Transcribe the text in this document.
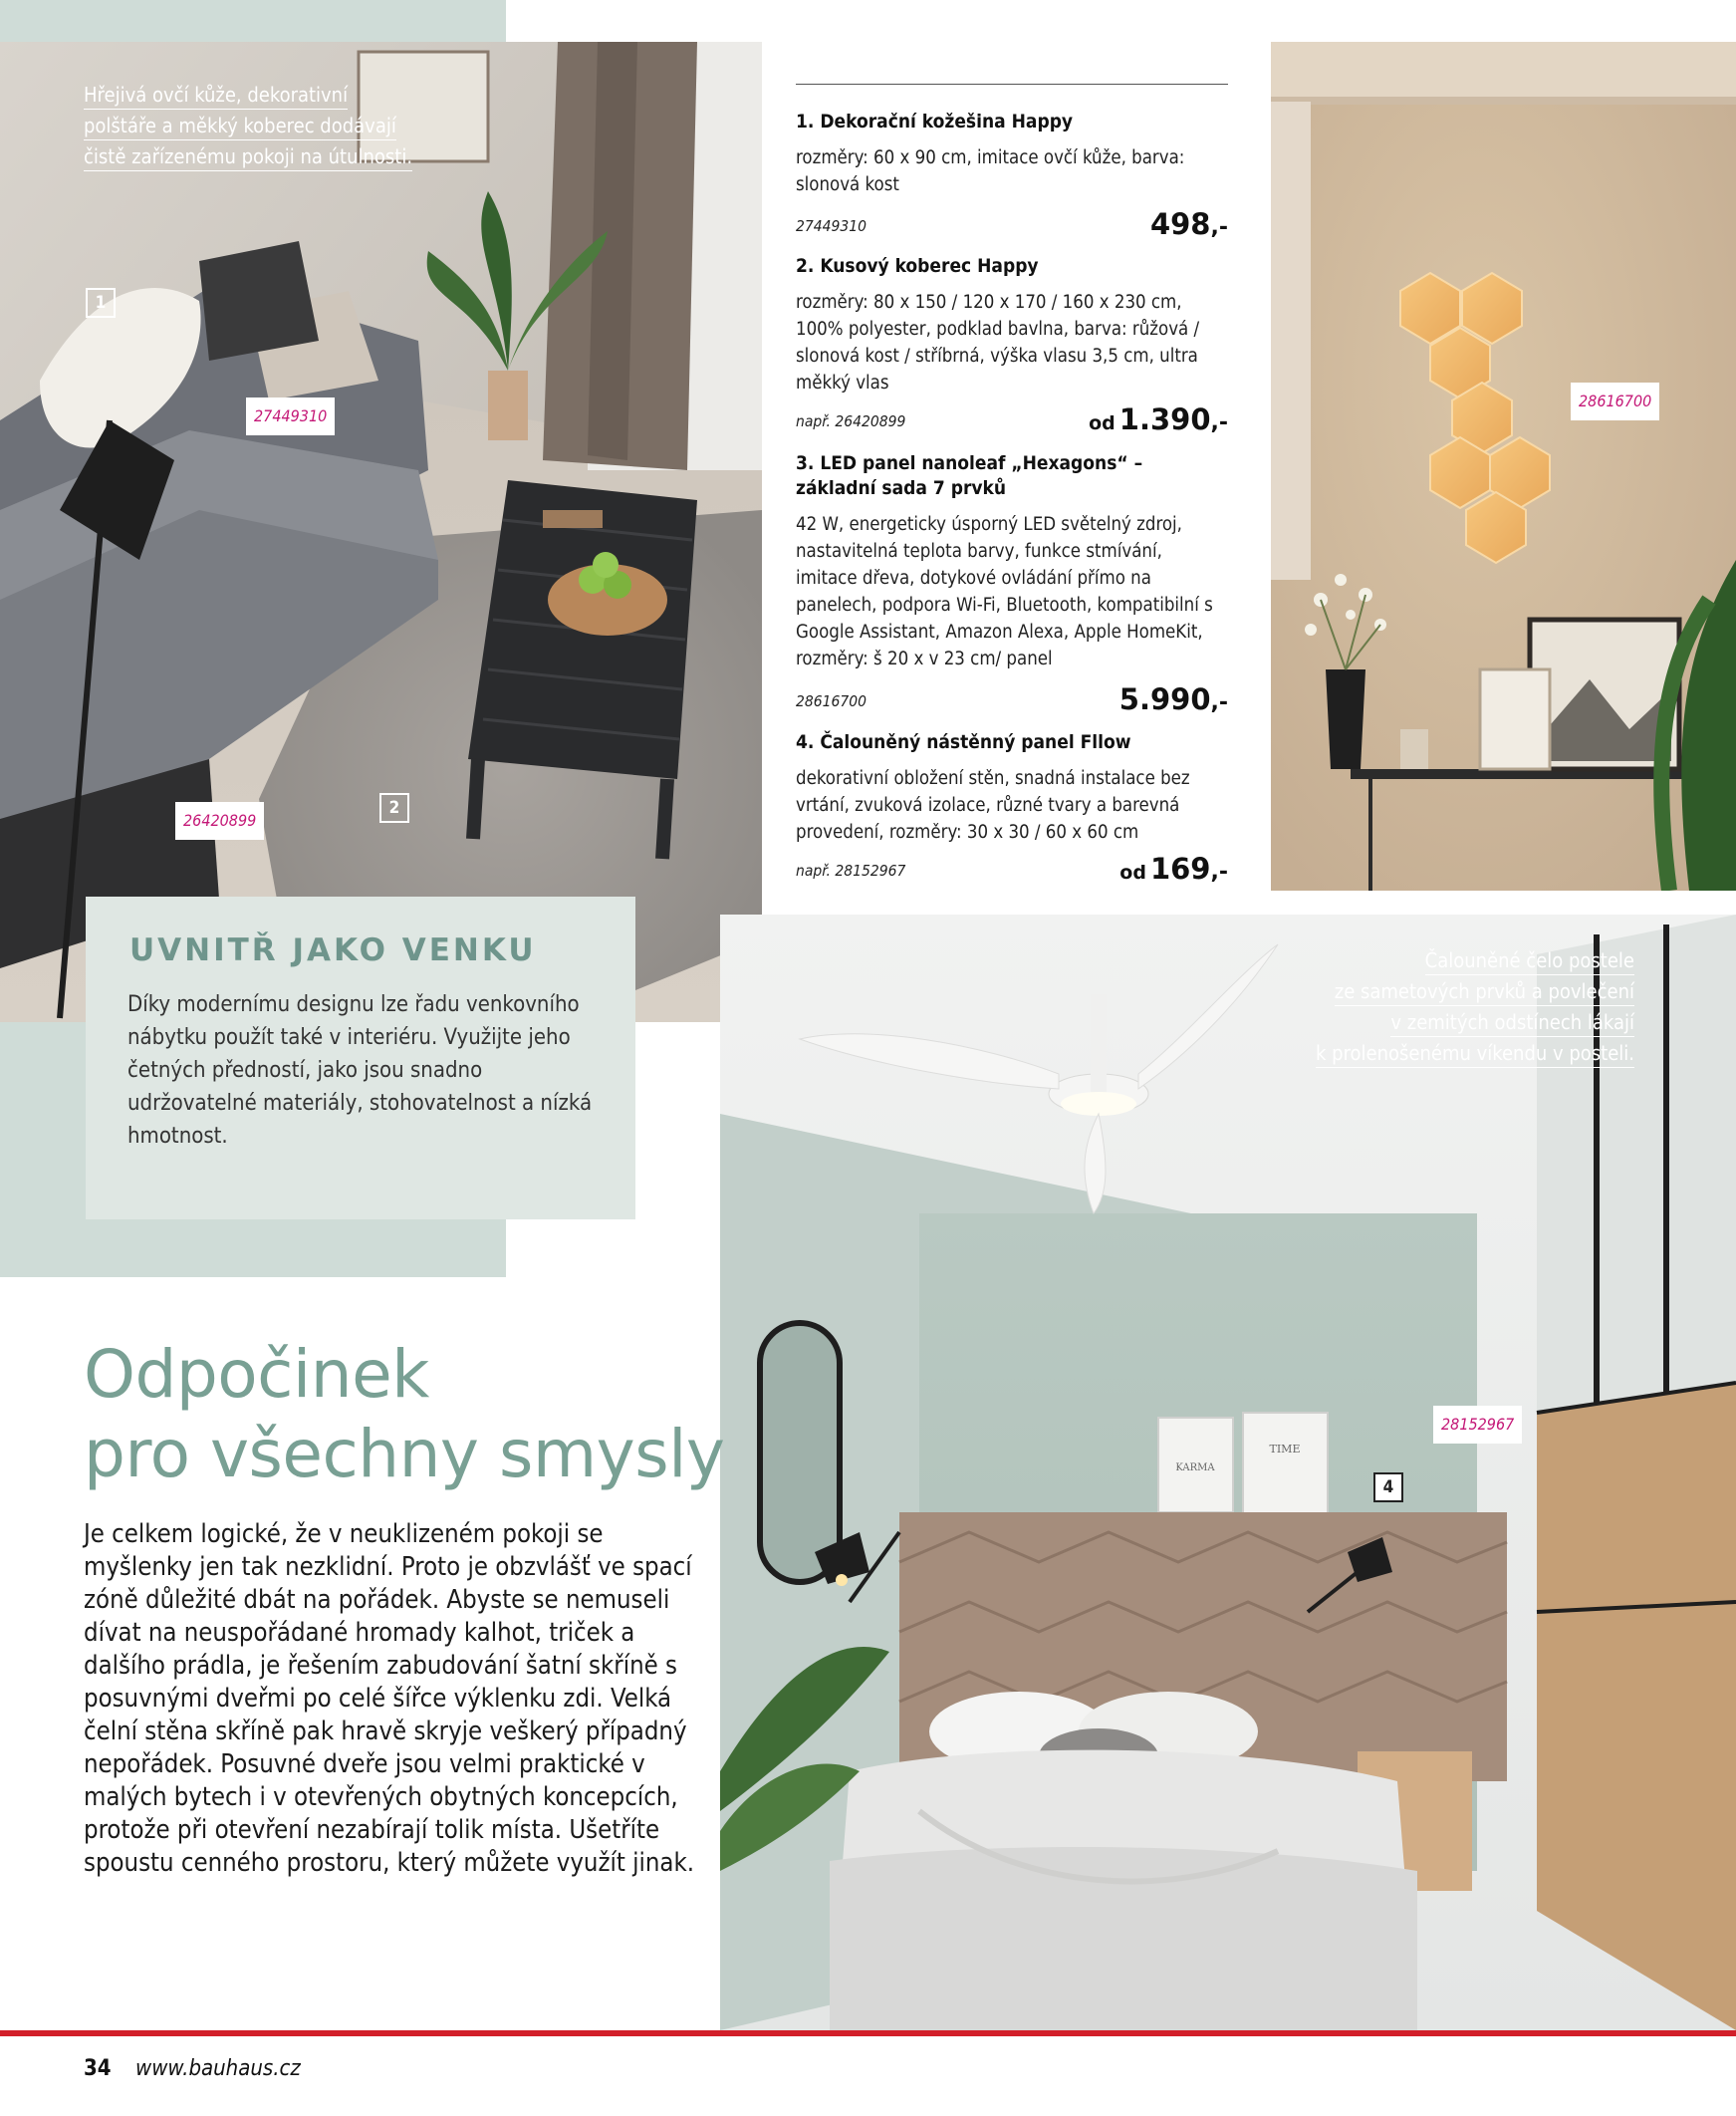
Hřejivá ovčí kůže, dekorativní
polštáře a měkký koberec dodávají
čistě zařízenému pokoji na útulnosti.
1
2
27449310
26420899
28616700
KARMA
TIME
Čalouněné čelo postele
ze sametových prvků a povlečení
v zemitých odstínech lákají
k prolenošenému víkendu v posteli.
4
28152967
UVNITŘ JAKO VENKU

Díky modernímu designu lze řadu venkovního nábytku použít také v interiéru. Využijte jeho četných předností, jako jsou snadno udržovatelné materiály, stohovatelnost a nízká hmotnost.

1. Dekorační kožešina Happy

rozměry: 60 x 90 cm, imitace ovčí kůže, barva: slonová kost

27449310	498,-
2. Kusový koberec Happy

rozměry: 80 x 150 / 120 x 170 / 160 x 230 cm, 100% polyester, podklad bavlna, barva: růžová / slonová kost / stříbrná, výška vlasu 3,5 cm, ultra měkký vlas

např. 26420899	od 1.390,-
3. LED panel nanoleaf „Hexagons“ – základní sada 7 prvků

42 W, energeticky úsporný LED světelný zdroj, nastavitelná teplota barvy, funkce stmívání, imitace dřeva, dotykové ovládání přímo na panelech, podpora Wi-Fi, Bluetooth, kompatibilní s Google Assistant, Amazon Alexa, Apple HomeKit, rozměry: š 20 x v 23 cm/ panel

28616700	5.990,-
4. Čalouněný nástěnný panel Fllow

dekorativní obložení stěn, snadná instalace bez vrtání, zvuková izolace, různé tvary a barevná provedení, rozměry: 30 x 30 / 60 x 60 cm

např. 28152967	od 169,-
Odpočinek
pro všechny smysly

Je celkem logické, že v neuklizeném pokoji se myšlenky jen tak nezklidní. Proto je obzvlášť ve spací zóně důležité dbát na pořádek. Abyste se nemuseli dívat na neuspořádané hromady kalhot, triček a dalšího prádla, je řešením zabudování šatní skříně s posuvnými dveřmi po celé šířce výklenku zdi. Velká čelní stěna skříně pak hravě skryje veškerý případný nepořádek. Posuvné dveře jsou velmi praktické v malých bytech i v otevřených obytných koncepcích, protože při otevření nezabírají tolik místa. Ušetříte spoustu cenného prostoru, který můžete využít jinak.

34 www.bauhaus.cz
